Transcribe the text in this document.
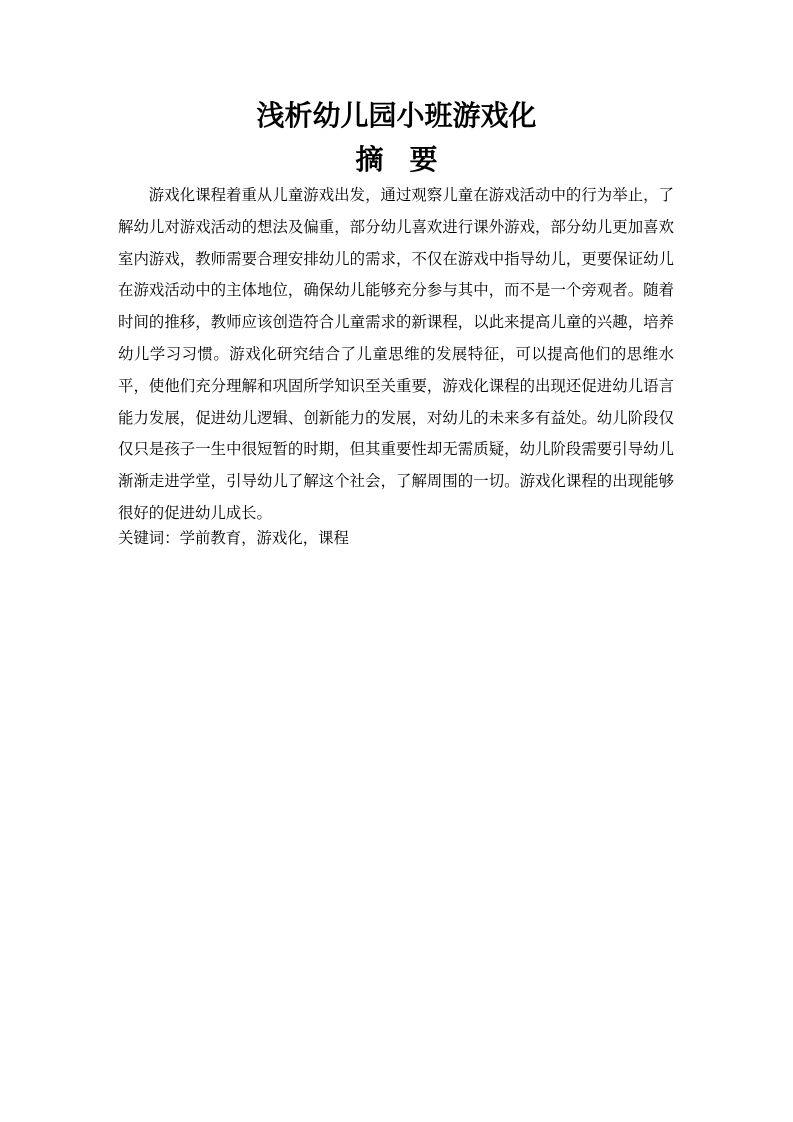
浅析幼儿园小班游戏化
摘要

游戏化课程着重从儿童游戏出发，通过观察儿童在游戏活动中的行为举止，了解幼儿对游戏活动的想法及偏重，部分幼儿喜欢进行课外游戏，部分幼儿更加喜欢室内游戏，教师需要合理安排幼儿的需求，不仅在游戏中指导幼儿，更要保证幼儿在游戏活动中的主体地位，确保幼儿能够充分参与其中，而不是一个旁观者。随着时间的推移，教师应该创造符合儿童需求的新课程，以此来提高儿童的兴趣，培养幼儿学习习惯。游戏化研究结合了儿童思维的发展特征，可以提高他们的思维水平，使他们充分理解和巩固所学知识至关重要，游戏化课程的出现还促进幼儿语言能力发展，促进幼儿逻辑、创新能力的发展，对幼儿的未来多有益处。幼儿阶段仅仅只是孩子一生中很短暂的时期，但其重要性却无需质疑，幼儿阶段需要引导幼儿渐渐走进学堂，引导幼儿了解这个社会，了解周围的一切。游戏化课程的出现能够很好的促进幼儿成长。

关键词：学前教育，游戏化，课程
